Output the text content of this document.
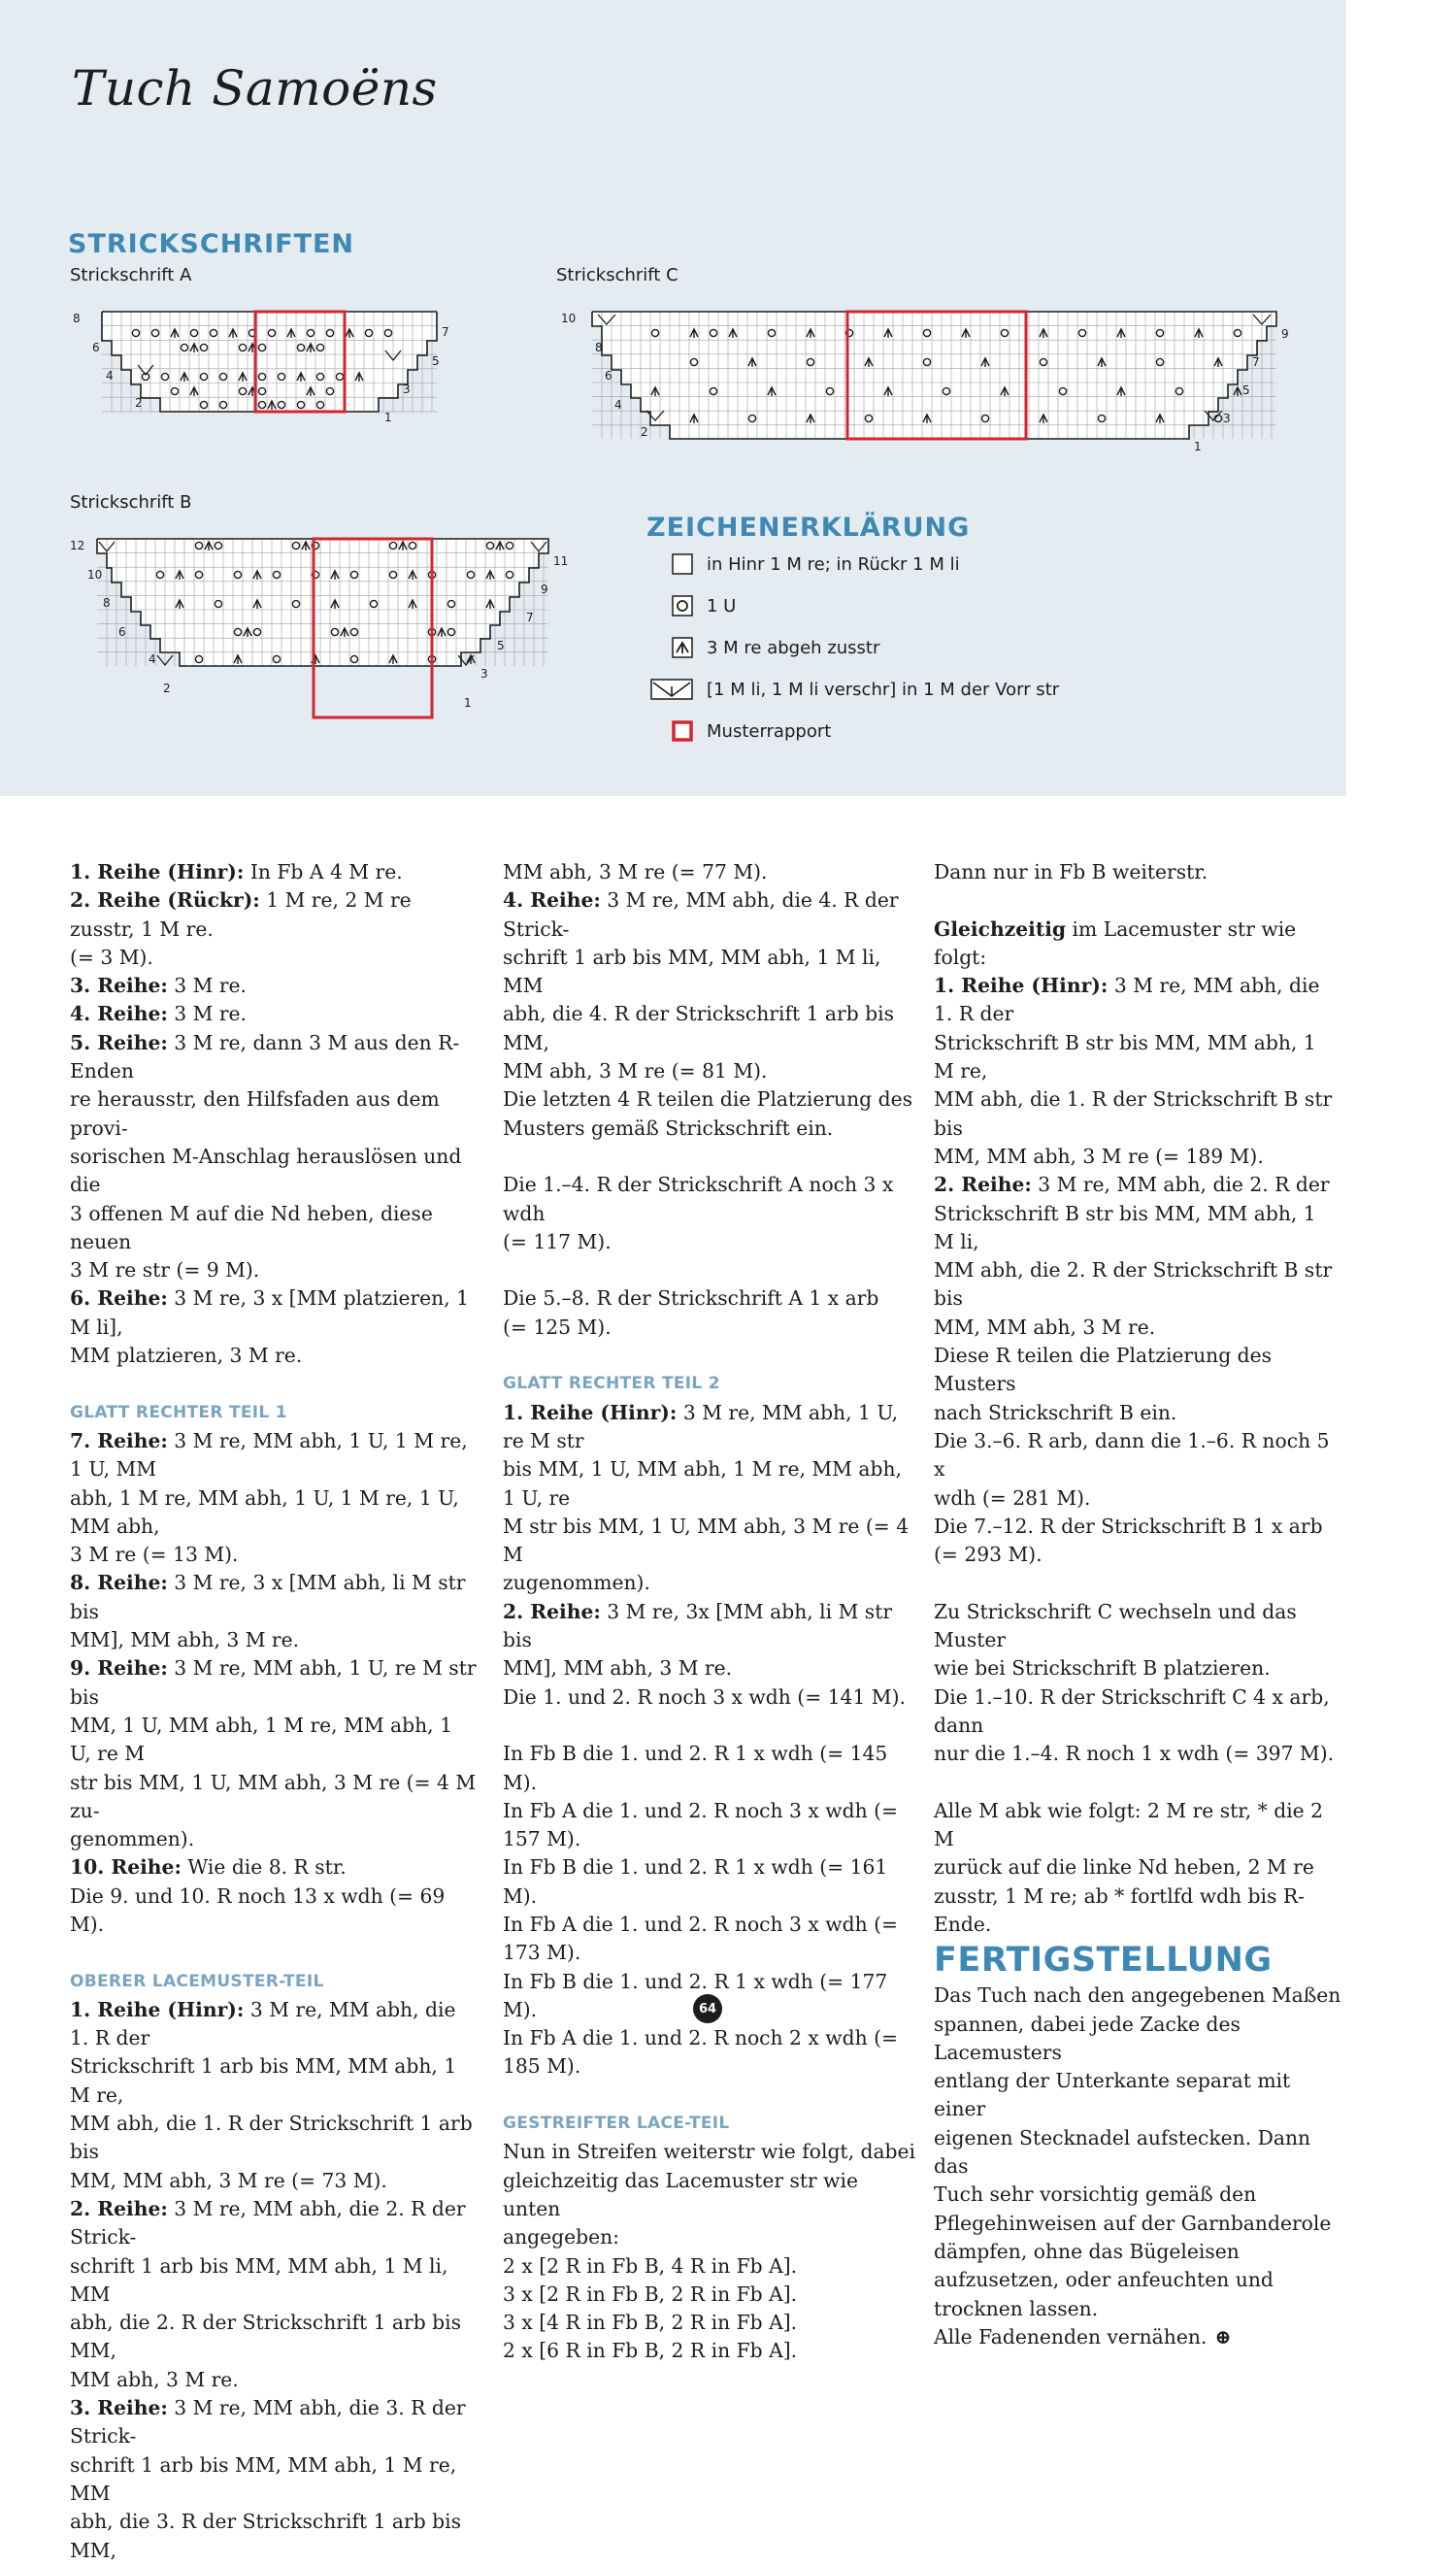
Tuch Samoëns
STRICKSCHRIFTEN
Strickschrift A	Strickschrift C
Strickschrift B
8
7
6
5
4
3
2
1
10
9
8
7
6
5
4
3
2
1
12
11
10
9
8
7
6
5
4
3
2
1
ZEICHENERKLÄRUNG
in Hinr 1 M re; in Rückr 1 M li
1 U
3 M re abgeh zusstr
[1 M li, 1 M li verschr] in 1 M der Vorr str
Musterrapport

1. Reihe (Hinr): In Fb A 4 M re.

2. Reihe (Rückr): 1 M re, 2 M re zusstr, 1 M re.

(= 3 M).

3. Reihe: 3 M re.

4. Reihe: 3 M re.

5. Reihe: 3 M re, dann 3 M aus den R-Enden

re herausstr, den Hilfsfaden aus dem provi-

sorischen M-Anschlag herauslösen und die

3 offenen M auf die Nd heben, diese neuen

3 M re str (= 9 M).

6. Reihe: 3 M re, 3 x [MM platzieren, 1 M li],

MM platzieren, 3 M re.

GLATT RECHTER TEIL 1

7. Reihe: 3 M re, MM abh, 1 U, 1 M re, 1 U, MM

abh, 1 M re, MM abh, 1 U, 1 M re, 1 U, MM abh,

3 M re (= 13 M).

8. Reihe: 3 M re, 3 x [MM abh, li M str bis

MM], MM abh, 3 M re.

9. Reihe: 3 M re, MM abh, 1 U, re M str bis

MM, 1 U, MM abh, 1 M re, MM abh, 1 U, re M

str bis MM, 1 U, MM abh, 3 M re (= 4 M zu-

genommen).

10. Reihe: Wie die 8. R str.

Die 9. und 10. R noch 13 x wdh (= 69 M).

OBERER LACEMUSTER-TEIL

1. Reihe (Hinr): 3 M re, MM abh, die 1. R der

Strickschrift 1 arb bis MM, MM abh, 1 M re,

MM abh, die 1. R der Strickschrift 1 arb bis

MM, MM abh, 3 M re (= 73 M).

2. Reihe: 3 M re, MM abh, die 2. R der Strick-

schrift 1 arb bis MM, MM abh, 1 M li, MM

abh, die 2. R der Strickschrift 1 arb bis MM,

MM abh, 3 M re.

3. Reihe: 3 M re, MM abh, die 3. R der Strick-

schrift 1 arb bis MM, MM abh, 1 M re, MM

abh, die 3. R der Strickschrift 1 arb bis MM,

MM abh, 3 M re (= 77 M).

4. Reihe: 3 M re, MM abh, die 4. R der Strick-

schrift 1 arb bis MM, MM abh, 1 M li, MM

abh, die 4. R der Strickschrift 1 arb bis MM,

MM abh, 3 M re (= 81 M).

Die letzten 4 R teilen die Platzierung des

Musters gemäß Strickschrift ein.

Die 1.–4. R der Strickschrift A noch 3 x wdh

(= 117 M).

Die 5.–8. R der Strickschrift A 1 x arb

(= 125 M).

GLATT RECHTER TEIL 2

1. Reihe (Hinr): 3 M re, MM abh, 1 U, re M str

bis MM, 1 U, MM abh, 1 M re, MM abh, 1 U, re

M str bis MM, 1 U, MM abh, 3 M re (= 4 M

zugenommen).

2. Reihe: 3 M re, 3x [MM abh, li M str bis

MM], MM abh, 3 M re.

Die 1. und 2. R noch 3 x wdh (= 141 M).

In Fb B die 1. und 2. R 1 x wdh (= 145 M).

In Fb A die 1. und 2. R noch 3 x wdh (= 157 M).

In Fb B die 1. und 2. R 1 x wdh (= 161 M).

In Fb A die 1. und 2. R noch 3 x wdh (= 173 M).

In Fb B die 1. und 2. R 1 x wdh (= 177 M).

In Fb A die 1. und 2. R noch 2 x wdh (= 185 M).

GESTREIFTER LACE-TEIL

Nun in Streifen weiterstr wie folgt, dabei

gleichzeitig das Lacemuster str wie unten

angegeben:

2 x [2 R in Fb B, 4 R in Fb A].

3 x [2 R in Fb B, 2 R in Fb A].

3 x [4 R in Fb B, 2 R in Fb A].

2 x [6 R in Fb B, 2 R in Fb A].

Dann nur in Fb B weiterstr.

Gleichzeitig im Lacemuster str wie folgt:

1. Reihe (Hinr): 3 M re, MM abh, die 1. R der

Strickschrift B str bis MM, MM abh, 1 M re,

MM abh, die 1. R der Strickschrift B str bis

MM, MM abh, 3 M re (= 189 M).

2. Reihe: 3 M re, MM abh, die 2. R der

Strickschrift B str bis MM, MM abh, 1 M li,

MM abh, die 2. R der Strickschrift B str bis

MM, MM abh, 3 M re.

Diese R teilen die Platzierung des Musters

nach Strickschrift B ein.

Die 3.–6. R arb, dann die 1.–6. R noch 5 x

wdh (= 281 M).

Die 7.–12. R der Strickschrift B 1 x arb

(= 293 M).

Zu Strickschrift C wechseln und das Muster

wie bei Strickschrift B platzieren.

Die 1.–10. R der Strickschrift C 4 x arb, dann

nur die 1.–4. R noch 1 x wdh (= 397 M).

Alle M abk wie folgt: 2 M re str, * die 2 M

zurück auf die linke Nd heben, 2 M re

zusstr, 1 M re; ab * fortlfd wdh bis R-Ende.

FERTIGSTELLUNG

Das Tuch nach den angegebenen Maßen

spannen, dabei jede Zacke des Lacemusters

entlang der Unterkante separat mit einer

eigenen Stecknadel aufstecken. Dann das

Tuch sehr vorsichtig gemäß den

Pflegehinweisen auf der Garnbanderole

dämpfen, ohne das Bügeleisen

aufzusetzen, oder anfeuchten und

trocknen lassen.

Alle Fadenenden vernähen. ⊕

64
